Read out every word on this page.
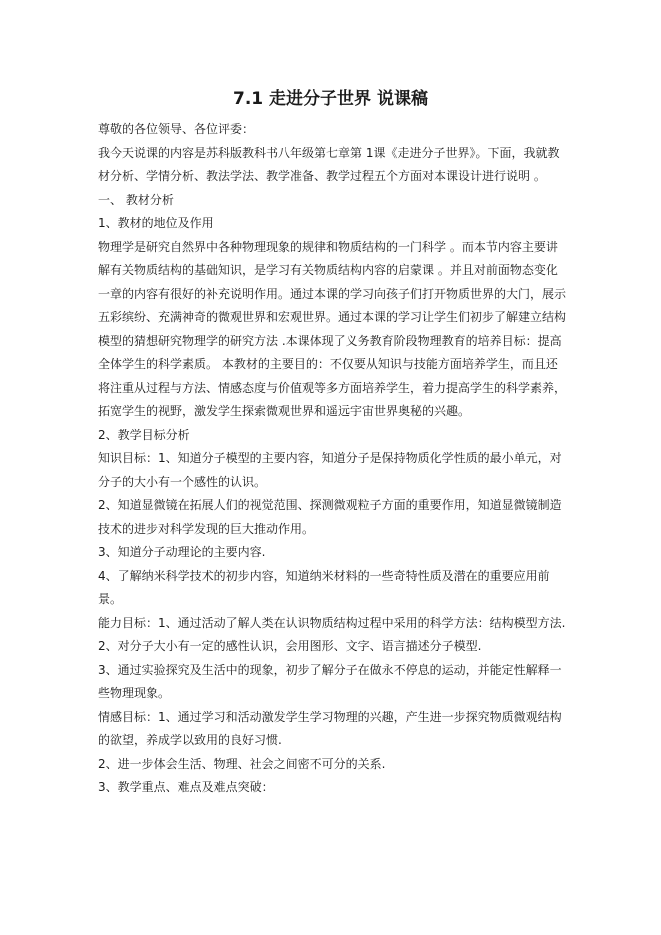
7.1 走进分子世界 说课稿

尊敬的各位领导、各位评委：

我今天说课的内容是苏科版教科书八年级第七章第 1课《走进分子世界》。下面，我就教材分析、学情分析、教法学法、教学准备、教学过程五个方面对本课设计进行说明 。

一、 教材分析

1、教材的地位及作用

物理学是研究自然界中各种物理现象的规律和物质结构的一门科学 。而本节内容主要讲解有关物质结构的基础知识，是学习有关物质结构内容的启蒙课 。并且对前面物态变化一章的内容有很好的补充说明作用。通过本课的学习向孩子们打开物质世界的大门，展示五彩缤纷、充满神奇的微观世界和宏观世界。通过本课的学习让学生们初步了解建立结构模型的猜想研究物理学的研究方法 .本课体现了义务教育阶段物理教育的培养目标：提高全体学生的科学素质。 本教材的主要目的：不仅要从知识与技能方面培养学生，而且还将注重从过程与方法、情感态度与价值观等多方面培养学生，着力提高学生的科学素养，拓宽学生的视野，激发学生探索微观世界和遥远宇宙世界奥秘的兴趣。

2、教学目标分析

知识目标：1、知道分子模型的主要内容，知道分子是保持物质化学性质的最小单元，对分子的大小有一个感性的认识。

2、知道显微镜在拓展人们的视觉范围、探测微观粒子方面的重要作用，知道显微镜制造技术的进步对科学发现的巨大推动作用。

3、知道分子动理论的主要内容.

4、了解纳米科学技术的初步内容，知道纳米材料的一些奇特性质及潜在的重要应用前景。

能力目标：1、通过活动了解人类在认识物质结构过程中采用的科学方法：结构模型方法.

2、对分子大小有一定的感性认识，会用图形、文字、语言描述分子模型.

3、通过实验探究及生活中的现象，初步了解分子在做永不停息的运动，并能定性解释一些物理现象。

情感目标：1、通过学习和活动激发学生学习物理的兴趣，产生进一步探究物质微观结构的欲望，养成学以致用的良好习惯.

2、进一步体会生活、物理、社会之间密不可分的关系.

3、教学重点、难点及难点突破：
